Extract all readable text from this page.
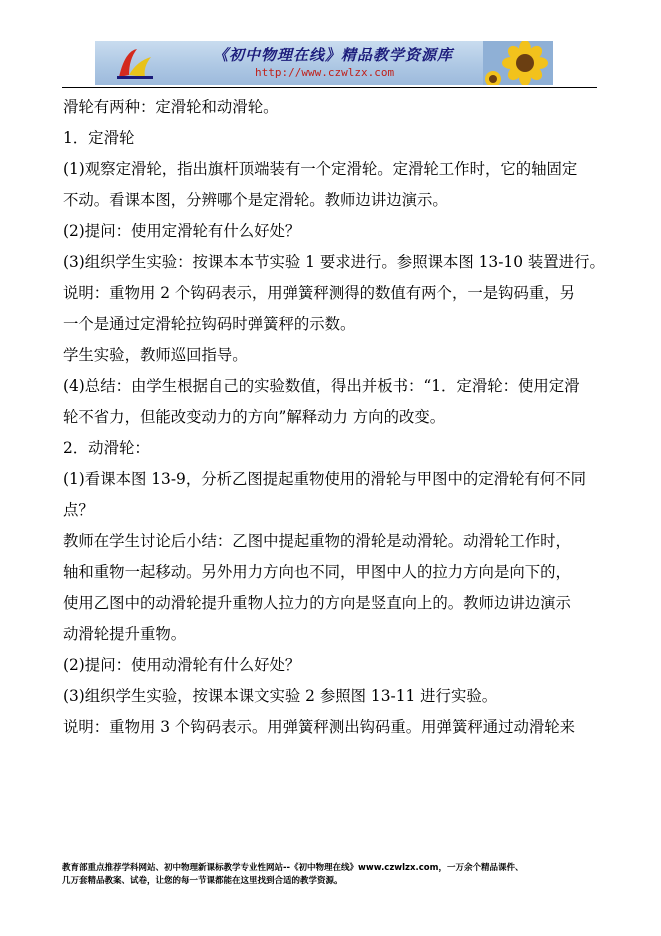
《初中物理在线》精品教学资源库
http://www.czwlzx.com

滑轮有两种：定滑轮和动滑轮。

1．定滑轮

(1)观察定滑轮，指出旗杆顶端装有一个定滑轮。定滑轮工作时，它的轴固定

不动。看课本图，分辨哪个是定滑轮。教师边讲边演示。

(2)提问：使用定滑轮有什么好处？

(3)组织学生实验：按课本本节实验 1 要求进行。参照课本图 13-10 装置进行。

说明：重物用 2 个钩码表示，用弹簧秤测得的数值有两个，一是钩码重，另

一个是通过定滑轮拉钩码时弹簧秤的示数。

学生实验，教师巡回指导。

(4)总结：由学生根据自己的实验数值，得出并板书：“1．定滑轮：使用定滑

轮不省力，但能改变动力的方向”解释动力 方向的改变。

2．动滑轮：

(1)看课本图 13-9，分析乙图提起重物使用的滑轮与甲图中的定滑轮有何不同

点？

教师在学生讨论后小结：乙图中提起重物的滑轮是动滑轮。动滑轮工作时，

轴和重物一起移动。另外用力方向也不同，甲图中人的拉力方向是向下的，

使用乙图中的动滑轮提升重物人拉力的方向是竖直向上的。教师边讲边演示

动滑轮提升重物。

(2)提问：使用动滑轮有什么好处？

(3)组织学生实验，按课本课文实验 2 参照图 13-11 进行实验。

说明：重物用 3 个钩码表示。用弹簧秤测出钩码重。用弹簧秤通过动滑轮来

教育部重点推荐学科网站、初中物理新课标教学专业性网站--《初中物理在线》www.czwlzx.com，一万余个精品课件、
几万套精品教案、试卷，让您的每一节课都能在这里找到合适的教学资源。
